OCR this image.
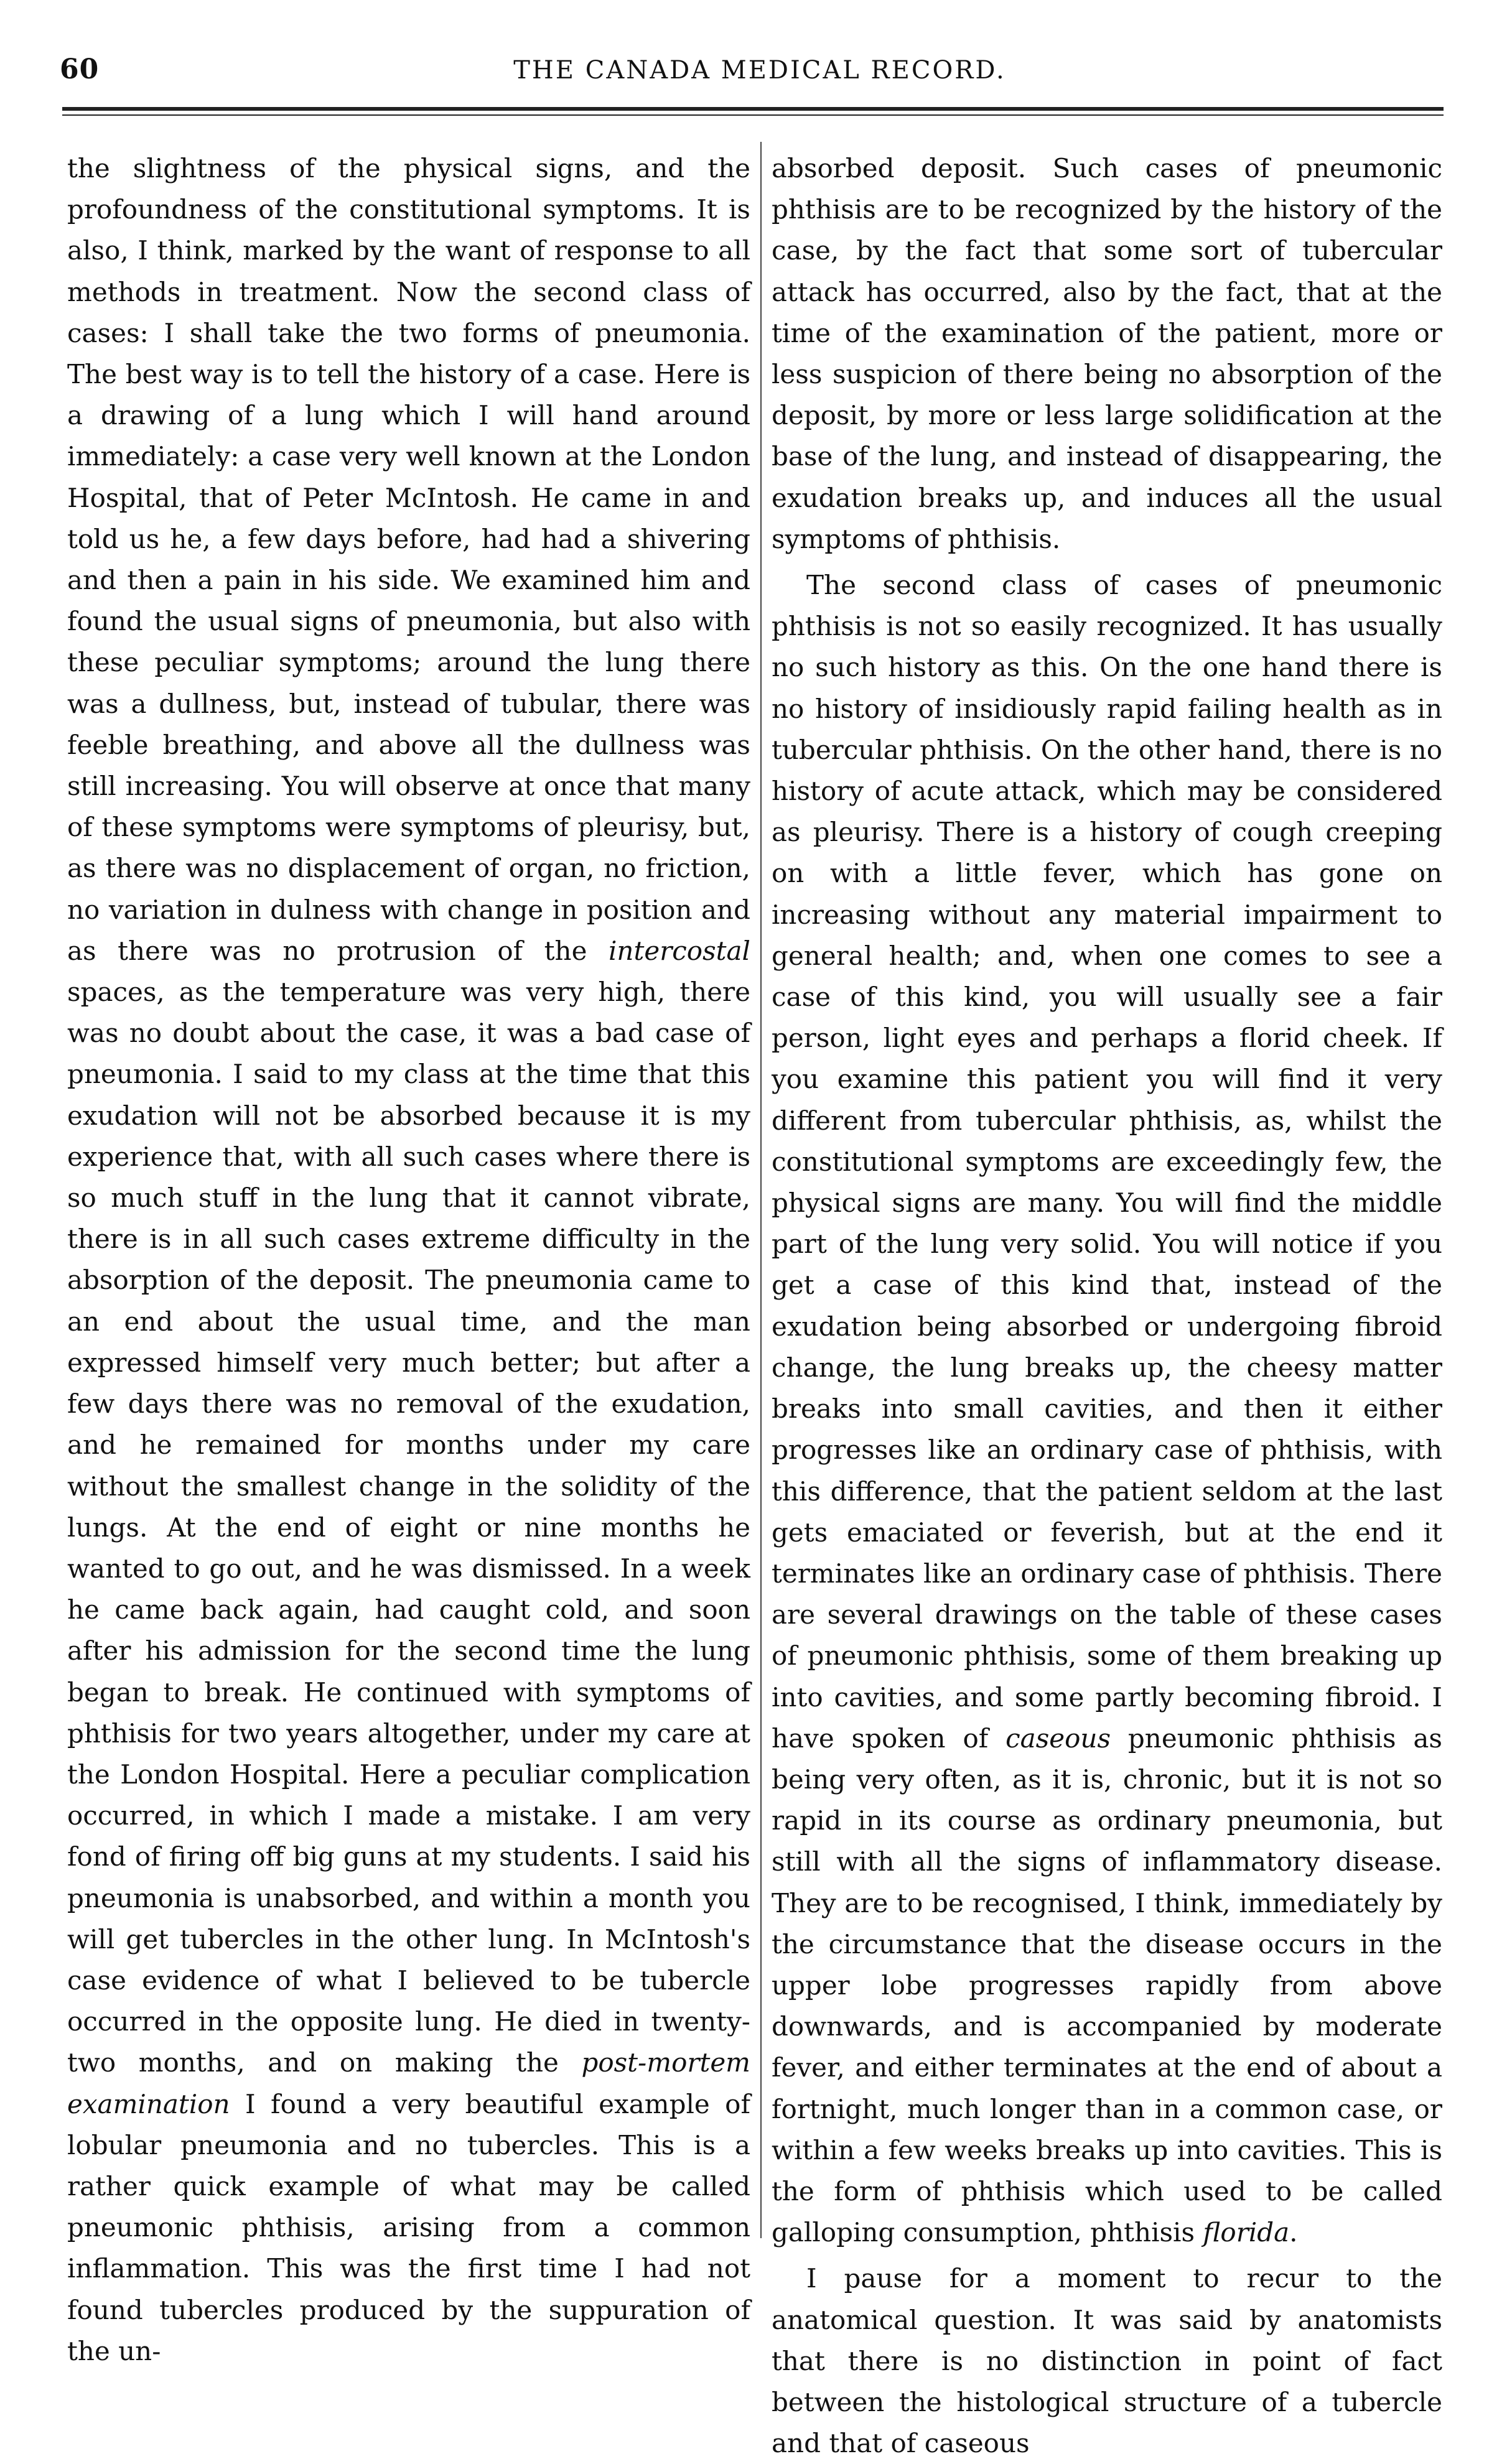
60	THE CANADA MEDICAL RECORD.

the slightness of the physical signs, and the profoundness of the constitutional symptoms. It is also, I think, marked by the want of response to all methods in treatment. Now the second class of cases: I shall take the two forms of pneumonia. The best way is to tell the history of a case. Here is a drawing of a lung which I will hand around immediately: a case very well known at the London Hospital, that of Peter McIntosh. He came in and told us he, a few days before, had had a shivering and then a pain in his side. We examined him and found the usual signs of pneumonia, but also with these peculiar symptoms; around the lung there was a dullness, but, instead of tubular, there was feeble breathing, and above all the dullness was still increasing. You will observe at once that many of these symptoms were symptoms of pleurisy, but, as there was no displacement of organ, no friction, no variation in dulness with change in position and as there was no protrusion of the intercostal spaces, as the temperature was very high, there was no doubt about the case, it was a bad case of pneumonia. I said to my class at the time that this exudation will not be absorbed because it is my experience that, with all such cases where there is so much stuff in the lung that it cannot vibrate, there is in all such cases extreme difficulty in the absorption of the deposit. The pneumonia came to an end about the usual time, and the man expressed himself very much better; but after a few days there was no removal of the exudation, and he remained for months under my care without the smallest change in the solidity of the lungs. At the end of eight or nine months he wanted to go out, and he was dismissed. In a week he came back again, had caught cold, and soon after his admission for the second time the lung began to break. He continued with symptoms of phthisis for two years altogether, under my care at the London Hospital. Here a peculiar complication occurred, in which I made a mistake. I am very fond of firing off big guns at my students. I said his pneumonia is unabsorbed, and within a month you will get tubercles in the other lung. In McIntosh's case evidence of what I believed to be tubercle occurred in the opposite lung. He died in twenty-two months, and on making the post-mortem examination I found a very beautiful example of lobular pneumonia and no tubercles. This is a rather quick example of what may be called pneumonic phthisis, arising from a common inflammation. This was the first time I had not found tubercles produced by the suppuration of the un-

absorbed deposit. Such cases of pneumonic phthisis are to be recognized by the history of the case, by the fact that some sort of tubercular attack has occurred, also by the fact, that at the time of the examination of the patient, more or less suspicion of there being no absorption of the deposit, by more or less large solidification at the base of the lung, and instead of disappearing, the exudation breaks up, and induces all the usual symptoms of phthisis.

The second class of cases of pneumonic phthisis is not so easily recognized. It has usually no such history as this. On the one hand there is no history of insidiously rapid failing health as in tubercular phthisis. On the other hand, there is no history of acute attack, which may be considered as pleurisy. There is a history of cough creeping on with a little fever, which has gone on increasing without any material impairment to general health; and, when one comes to see a case of this kind, you will usually see a fair person, light eyes and perhaps a florid cheek. If you examine this patient you will find it very different from tubercular phthisis, as, whilst the constitutional symptoms are exceedingly few, the physical signs are many. You will find the middle part of the lung very solid. You will notice if you get a case of this kind that, instead of the exudation being absorbed or undergoing fibroid change, the lung breaks up, the cheesy matter breaks into small cavities, and then it either progresses like an ordinary case of phthisis, with this difference, that the patient seldom at the last gets emaciated or feverish, but at the end it terminates like an ordinary case of phthisis. There are several drawings on the table of these cases of pneumonic phthisis, some of them breaking up into cavities, and some partly becoming fibroid. I have spoken of caseous pneumonic phthisis as being very often, as it is, chronic, but it is not so rapid in its course as ordinary pneumonia, but still with all the signs of inflammatory disease. They are to be recognised, I think, immediately by the circumstance that the disease occurs in the upper lobe progresses rapidly from above downwards, and is accompanied by moderate fever, and either terminates at the end of about a fortnight, much longer than in a common case, or within a few weeks breaks up into cavities. This is the form of phthisis which used to be called galloping consumption, phthisis florida.

I pause for a moment to recur to the anatomical question. It was said by anatomists that there is no distinction in point of fact between the histological structure of a tubercle and that of caseous
